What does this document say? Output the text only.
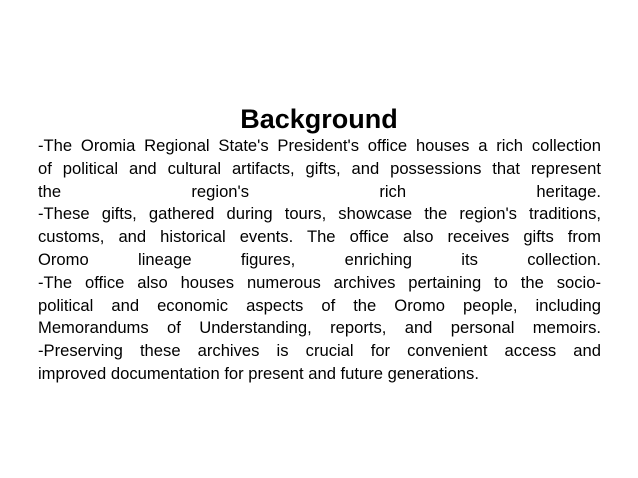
Background
-The Oromia Regional State's President's office houses a rich collection
of political and cultural artifacts, gifts, and possessions that represent
the region's rich heritage.
-These gifts, gathered during tours, showcase the region's traditions,
customs, and historical events. The office also receives gifts from
Oromo lineage figures, enriching its collection.
-The office also houses numerous archives pertaining to the socio-
political and economic aspects of the Oromo people, including
Memorandums of Understanding, reports, and personal memoirs.
-Preserving these archives is crucial for convenient access and
improved documentation for present and future generations.
